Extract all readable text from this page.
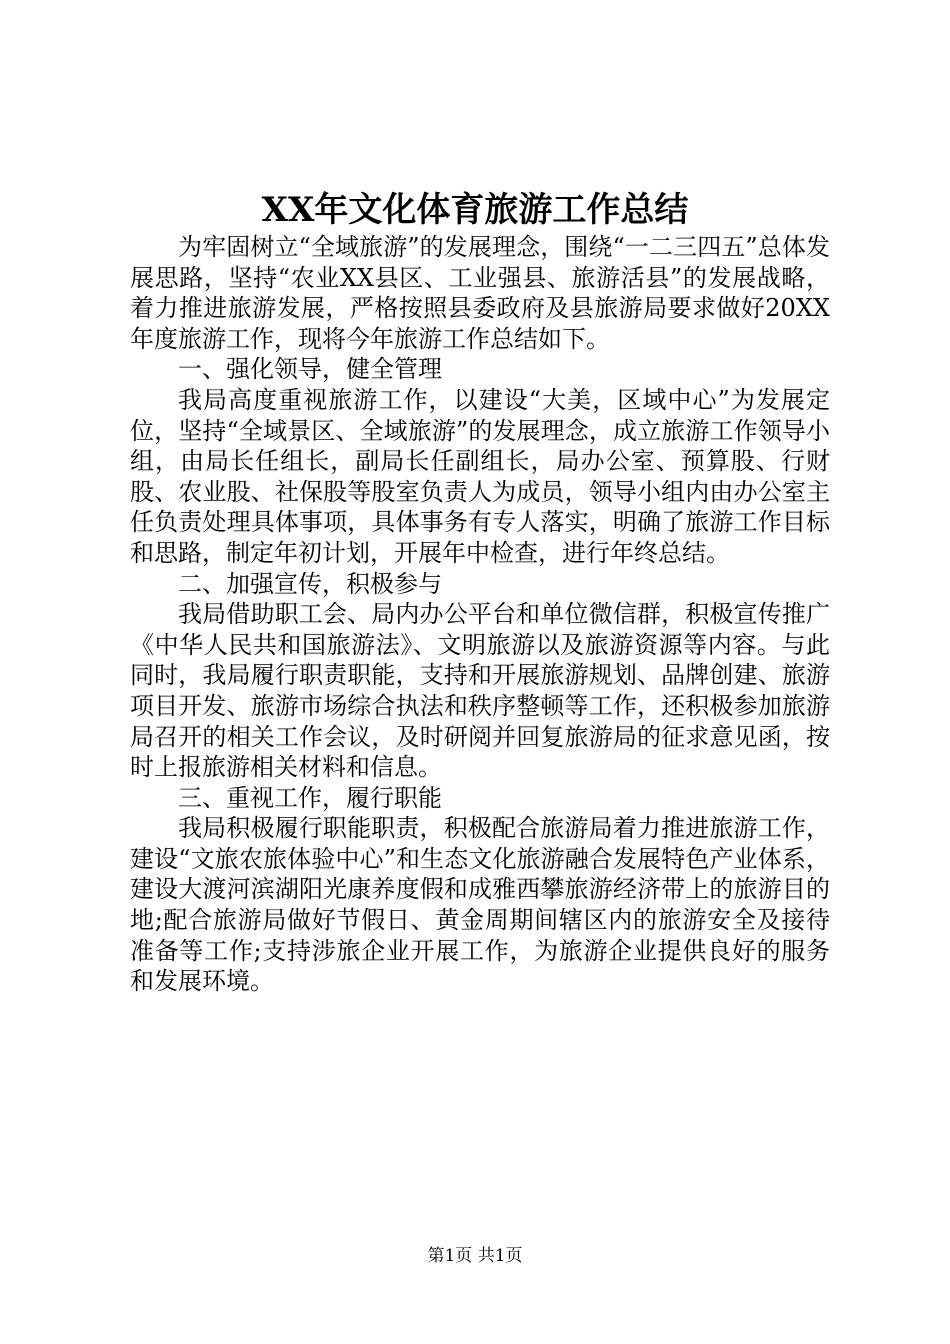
XX年文化体育旅游工作总结

为牢固树立“全域旅游”的发展理念，围绕“一二三四五”总体发展思路，坚持“农业XX县区、工业强县、旅游活县”的发展战略，着力推进旅游发展，严格按照县委政府及县旅游局要求做好20XX年度旅游工作，现将今年旅游工作总结如下。

一、强化领导，健全管理

我局高度重视旅游工作，以建设“大美，区域中心”为发展定位，坚持“全域景区、全域旅游”的发展理念，成立旅游工作领导小组，由局长任组长，副局长任副组长，局办公室、预算股、行财股、农业股、社保股等股室负责人为成员，领导小组内由办公室主任负责处理具体事项，具体事务有专人落实，明确了旅游工作目标和思路，制定年初计划，开展年中检查，进行年终总结。

二、加强宣传，积极参与

我局借助职工会、局内办公平台和单位微信群，积极宣传推广《中华人民共和国旅游法》、文明旅游以及旅游资源等内容。与此同时，我局履行职责职能，支持和开展旅游规划、品牌创建、旅游项目开发、旅游市场综合执法和秩序整顿等工作，还积极参加旅游局召开的相关工作会议，及时研阅并回复旅游局的征求意见函，按时上报旅游相关材料和信息。

三、重视工作，履行职能

我局积极履行职能职责，积极配合旅游局着力推进旅游工作，建设“文旅农旅体验中心”和生态文化旅游融合发展特色产业体系，建设大渡河滨湖阳光康养度假和成雅西攀旅游经济带上的旅游目的地;配合旅游局做好节假日、黄金周期间辖区内的旅游安全及接待准备等工作;支持涉旅企业开展工作，为旅游企业提供良好的服务和发展环境。

第1页 共1页
